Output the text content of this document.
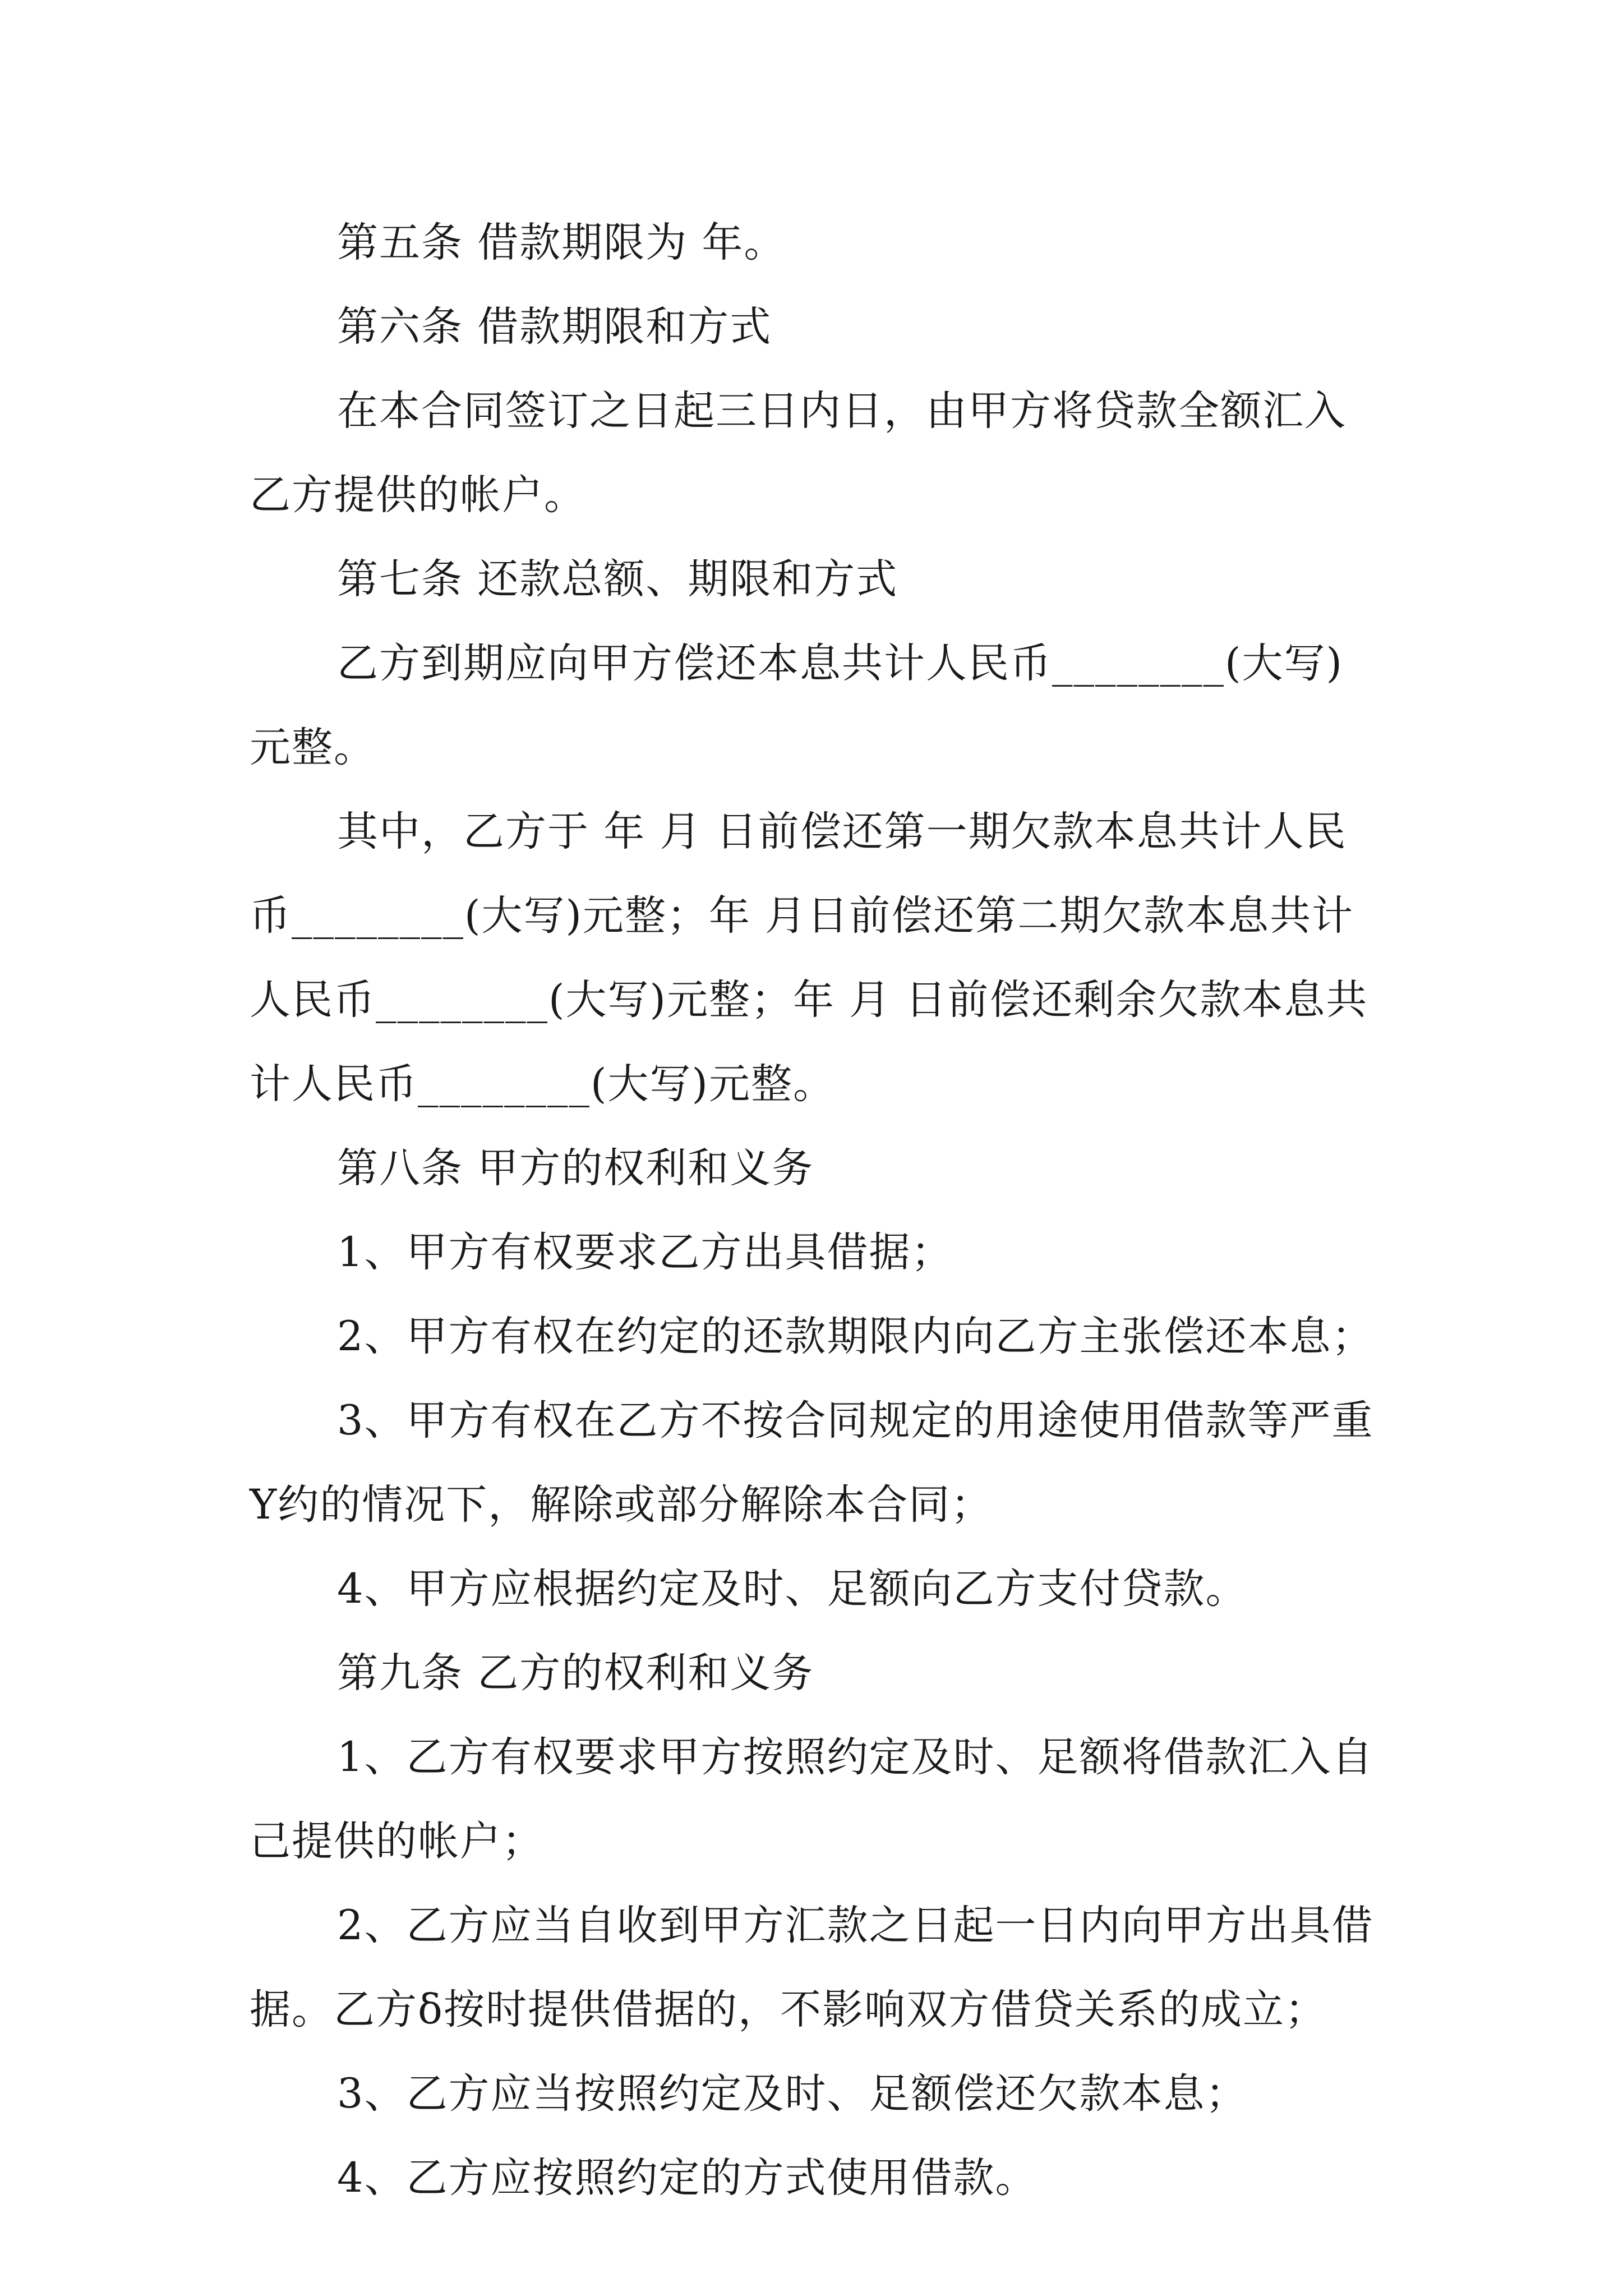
第五条 借款期限为 年。

第六条 借款期限和方式

在本合同签订之日起三日内日，由甲方将贷款全额汇入乙方提供的帐户。

第七条 还款总额、期限和方式

乙方到期应向甲方偿还本息共计人民币________(大写)元整。

其中，乙方于 年 月 日前偿还第一期欠款本息共计人民币________(大写)元整；年 月日前偿还第二期欠款本息共计人民币________(大写)元整；年 月 日前偿还剩余欠款本息共计人民币________(大写)元整。

第八条 甲方的权利和义务

1、甲方有权要求乙方出具借据；

2、甲方有权在约定的还款期限内向乙方主张偿还本息；

3、甲方有权在乙方不按合同规定的用途使用借款等严重Y约的情况下，解除或部分解除本合同；

4、甲方应根据约定及时、足额向乙方支付贷款。

第九条 乙方的权利和义务

1、乙方有权要求甲方按照约定及时、足额将借款汇入自己提供的帐户；

2、乙方应当自收到甲方汇款之日起一日内向甲方出具借据。乙方δ按时提供借据的，不影响双方借贷关系的成立；

3、乙方应当按照约定及时、足额偿还欠款本息；

4、乙方应按照约定的方式使用借款。
